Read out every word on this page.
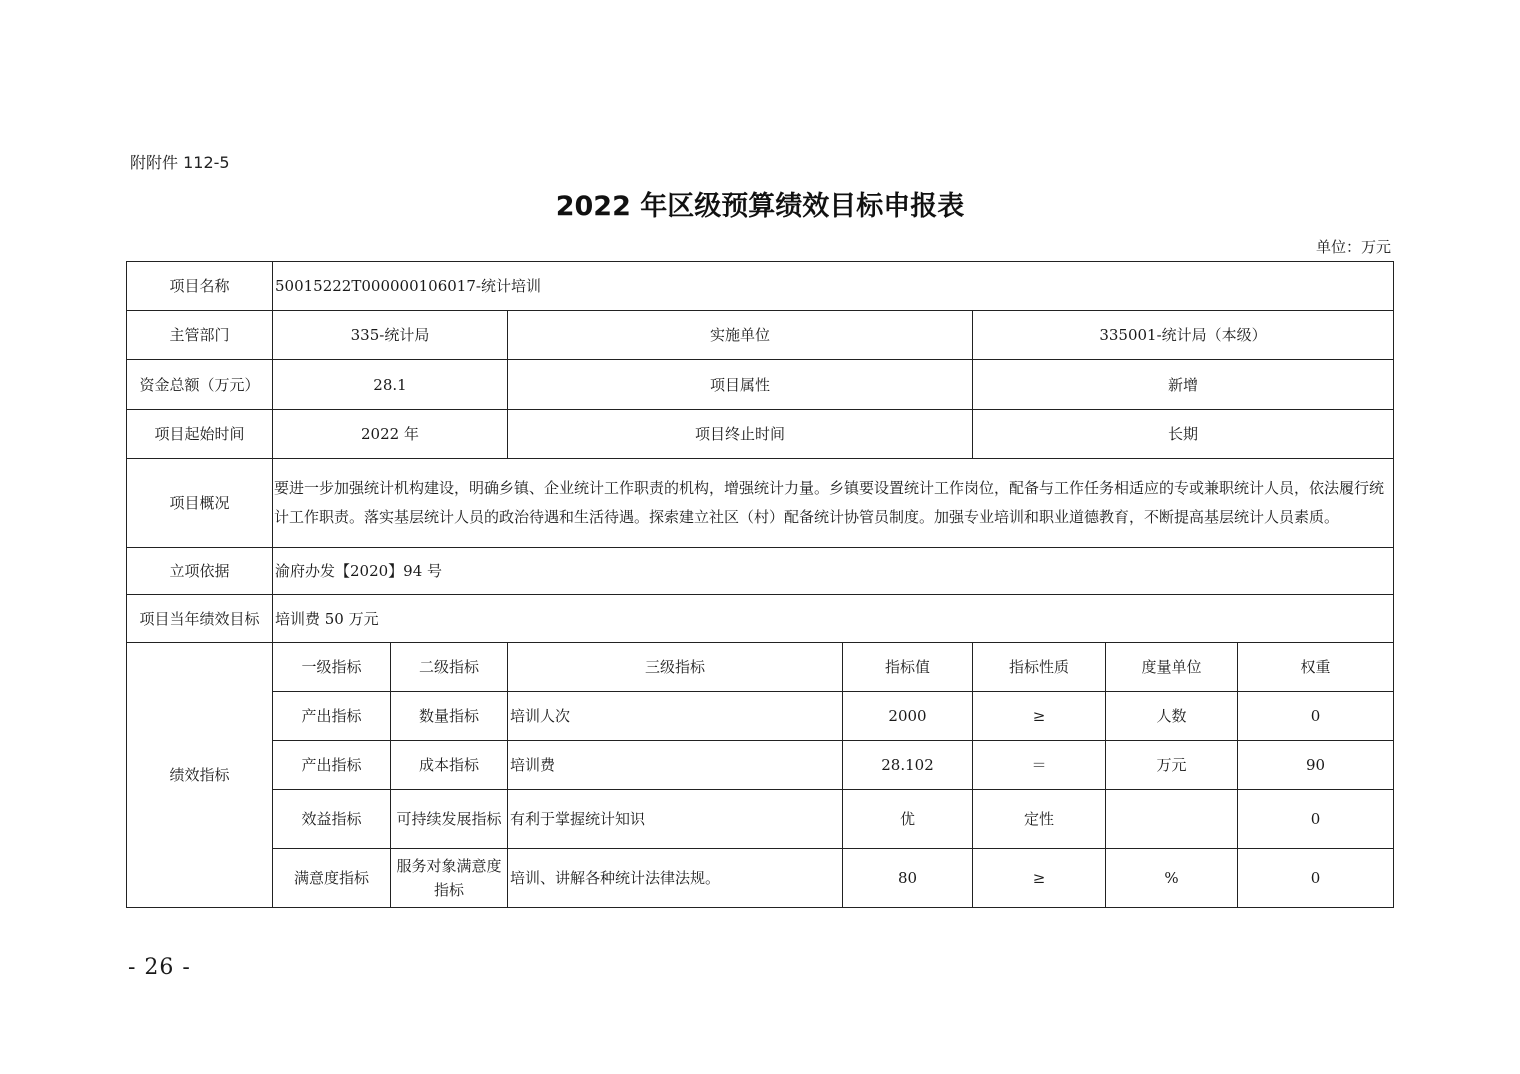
附附件 112-5
2022 年区级预算绩效目标申报表
单位：万元
项目名称	50015222T000000106017-统计培训						
主管部门	335-统计局		实施单位		335001-统计局（本级）		
资金总额（万元）	28.1		项目属性		新增		
项目起始时间	2022 年		项目终止时间		长期		
项目概况	要进一步加强统计机构建设，明确乡镇、企业统计工作职责的机构，增强统计力量。乡镇要设置统计工作岗位，配备与工作任务相适应的专或兼职统计人员，依法履行统计工作职责。落实基层统计人员的政治待遇和生活待遇。探索建立社区（村）配备统计协管员制度。加强专业培训和职业道德教育，不断提高基层统计人员素质。						
立项依据	渝府办发【2020】94 号						
项目当年绩效目标	培训费 50 万元						
绩效指标	一级指标	二级指标	三级指标	指标值	指标性质	度量单位	权重
	产出指标	数量指标	培训人次	2000	≥	人数	0
	产出指标	成本指标	培训费	28.102	＝	万元	90
	效益指标	可持续发展指标	有利于掌握统计知识	优	定性		0
	满意度指标	服务对象满意度指标	培训、讲解各种统计法律法规。	80	≥	%	0
- 26 -
